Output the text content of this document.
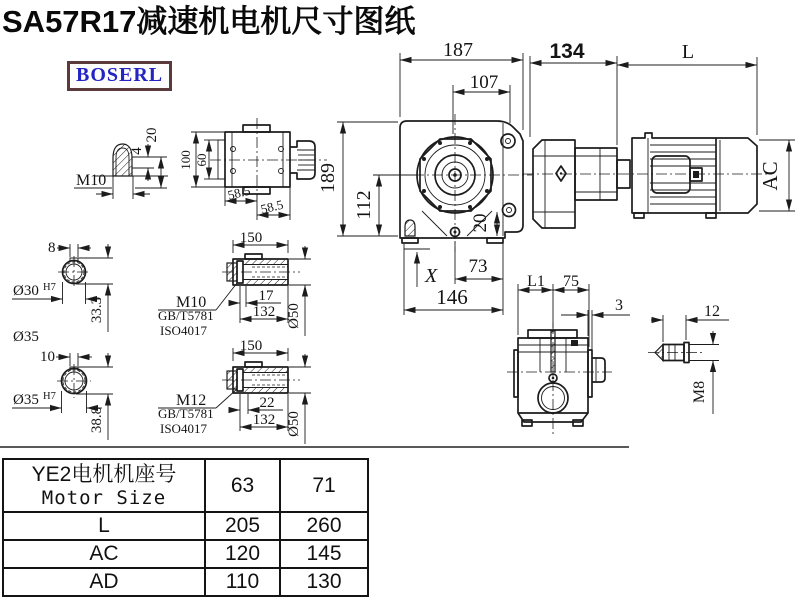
SA57R17减速机电机尺寸图纸
BOSERL
4
20
M10
100 60
58.5
58.5
20
187
107
189
112
73
146
X
134	L
AC
8
Ø30 H7
33.3
Ø35
10
Ø35 H7
38.8
150
M10
GB/T5781
ISO4017
17
132 Ø50
150
M12
GB/T5781
ISO4017
22
132 Ø50
L1 75
3	12
M8
YE2电机机座号
Motor Size	63	71
L	205	260
AC	120	145
AD	110	130
